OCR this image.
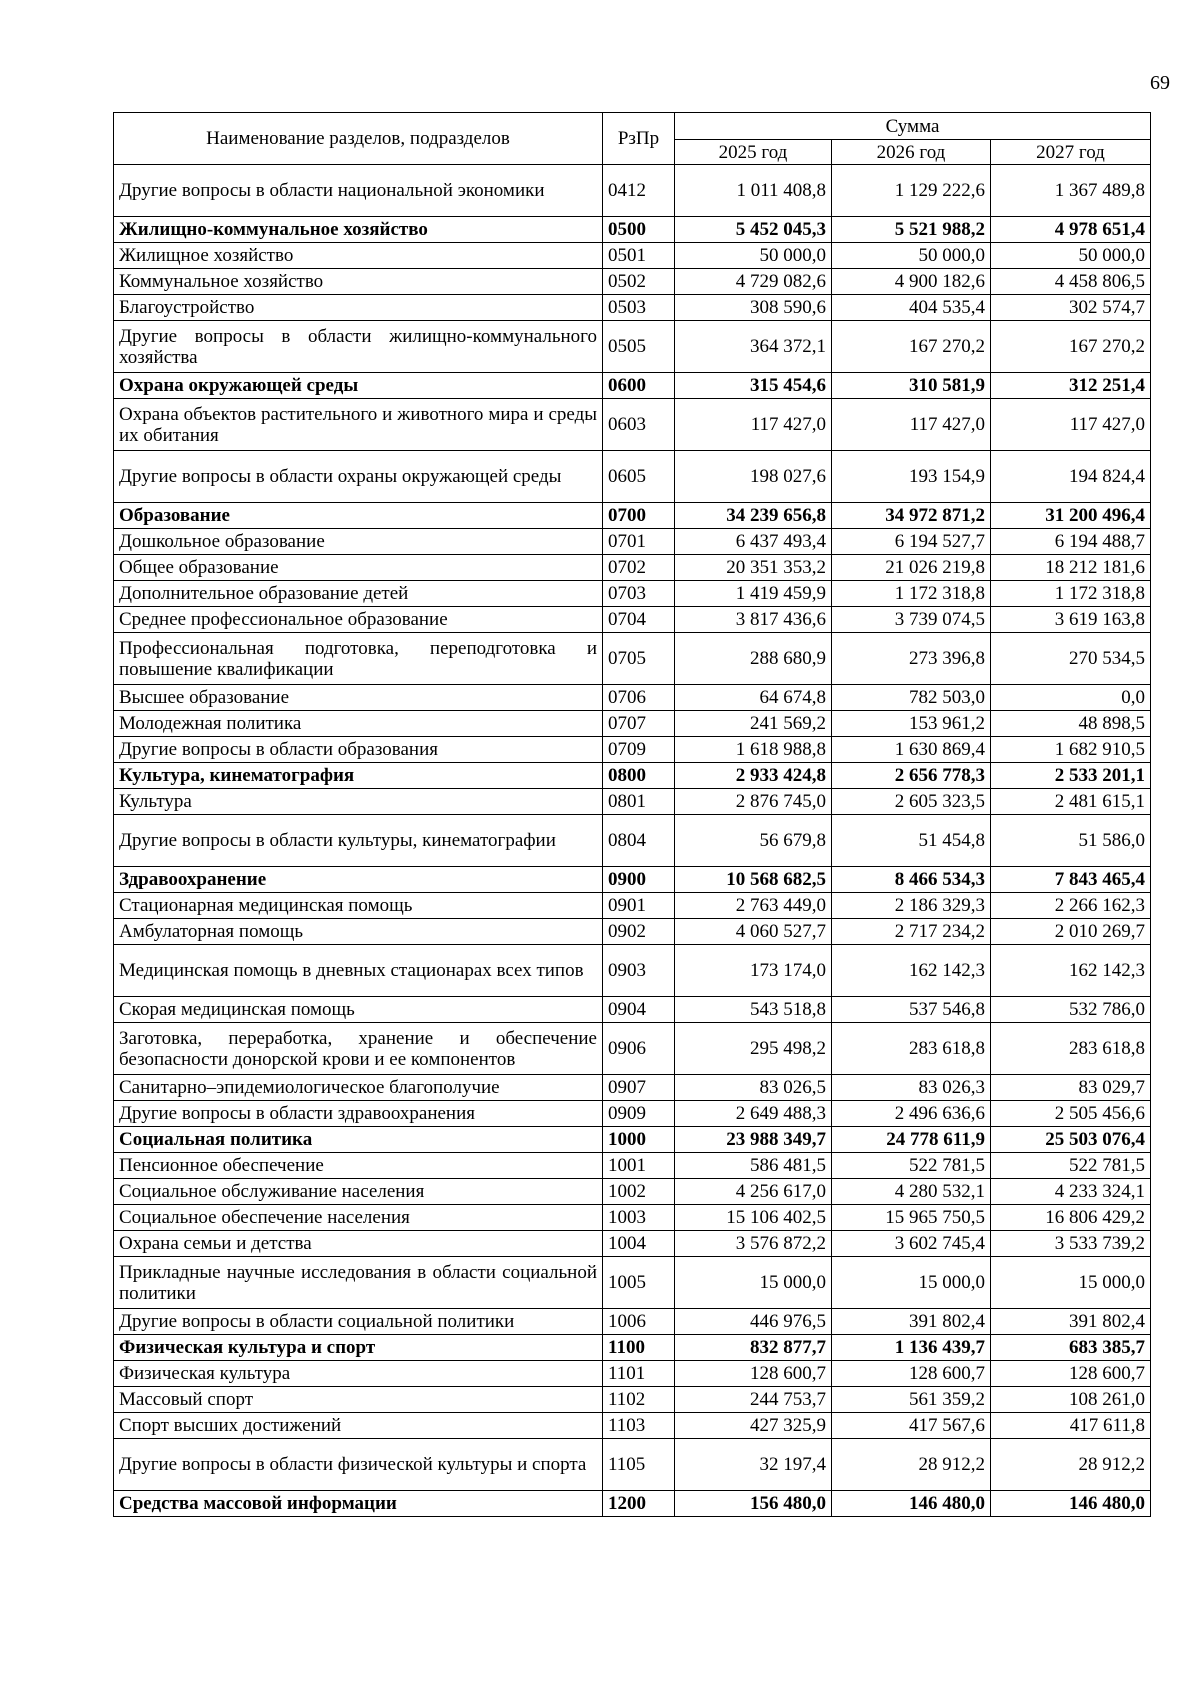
69
Наименование разделов, подразделов	РзПр	Сумма		
		2025 год	2026 год	2027 год
Другие вопросы в области национальной экономики	0412	1 011 408,8	1 129 222,6	1 367 489,8
Жилищно-коммунальное хозяйство	0500	5 452 045,3	5 521 988,2	4 978 651,4
Жилищное хозяйство	0501	50 000,0	50 000,0	50 000,0
Коммунальное хозяйство	0502	4 729 082,6	4 900 182,6	4 458 806,5
Благоустройство	0503	308 590,6	404 535,4	302 574,7
Другие вопросы в области жилищно-коммунального хозяйства	0505	364 372,1	167 270,2	167 270,2
Охрана окружающей среды	0600	315 454,6	310 581,9	312 251,4
Охрана объектов растительного и животного мира и среды их обитания	0603	117 427,0	117 427,0	117 427,0
Другие вопросы в области охраны окружающей среды	0605	198 027,6	193 154,9	194 824,4
Образование	0700	34 239 656,8	34 972 871,2	31 200 496,4
Дошкольное образование	0701	6 437 493,4	6 194 527,7	6 194 488,7
Общее образование	0702	20 351 353,2	21 026 219,8	18 212 181,6
Дополнительное образование детей	0703	1 419 459,9	1 172 318,8	1 172 318,8
Среднее профессиональное образование	0704	3 817 436,6	3 739 074,5	3 619 163,8
Профессиональная подготовка, переподготовка и повышение квалификации	0705	288 680,9	273 396,8	270 534,5
Высшее образование	0706	64 674,8	782 503,0	0,0
Молодежная политика	0707	241 569,2	153 961,2	48 898,5
Другие вопросы в области образования	0709	1 618 988,8	1 630 869,4	1 682 910,5
Культура, кинематография	0800	2 933 424,8	2 656 778,3	2 533 201,1
Культура	0801	2 876 745,0	2 605 323,5	2 481 615,1
Другие вопросы в области культуры, кинематографии	0804	56 679,8	51 454,8	51 586,0
Здравоохранение	0900	10 568 682,5	8 466 534,3	7 843 465,4
Стационарная медицинская помощь	0901	2 763 449,0	2 186 329,3	2 266 162,3
Амбулаторная помощь	0902	4 060 527,7	2 717 234,2	2 010 269,7
Медицинская помощь в дневных стационарах всех типов	0903	173 174,0	162 142,3	162 142,3
Скорая медицинская помощь	0904	543 518,8	537 546,8	532 786,0
Заготовка, переработка, хранение и обеспечение безопасности донорской крови и ее компонентов	0906	295 498,2	283 618,8	283 618,8
Санитарно–эпидемиологическое благополучие	0907	83 026,5	83 026,3	83 029,7
Другие вопросы в области здравоохранения	0909	2 649 488,3	2 496 636,6	2 505 456,6
Социальная политика	1000	23 988 349,7	24 778 611,9	25 503 076,4
Пенсионное обеспечение	1001	586 481,5	522 781,5	522 781,5
Социальное обслуживание населения	1002	4 256 617,0	4 280 532,1	4 233 324,1
Социальное обеспечение населения	1003	15 106 402,5	15 965 750,5	16 806 429,2
Охрана семьи и детства	1004	3 576 872,2	3 602 745,4	3 533 739,2
Прикладные научные исследования в области социальной политики	1005	15 000,0	15 000,0	15 000,0
Другие вопросы в области социальной политики	1006	446 976,5	391 802,4	391 802,4
Физическая культура и спорт	1100	832 877,7	1 136 439,7	683 385,7
Физическая культура	1101	128 600,7	128 600,7	128 600,7
Массовый спорт	1102	244 753,7	561 359,2	108 261,0
Спорт высших достижений	1103	427 325,9	417 567,6	417 611,8
Другие вопросы в области физической культуры и спорта	1105	32 197,4	28 912,2	28 912,2
Средства массовой информации	1200	156 480,0	146 480,0	146 480,0
